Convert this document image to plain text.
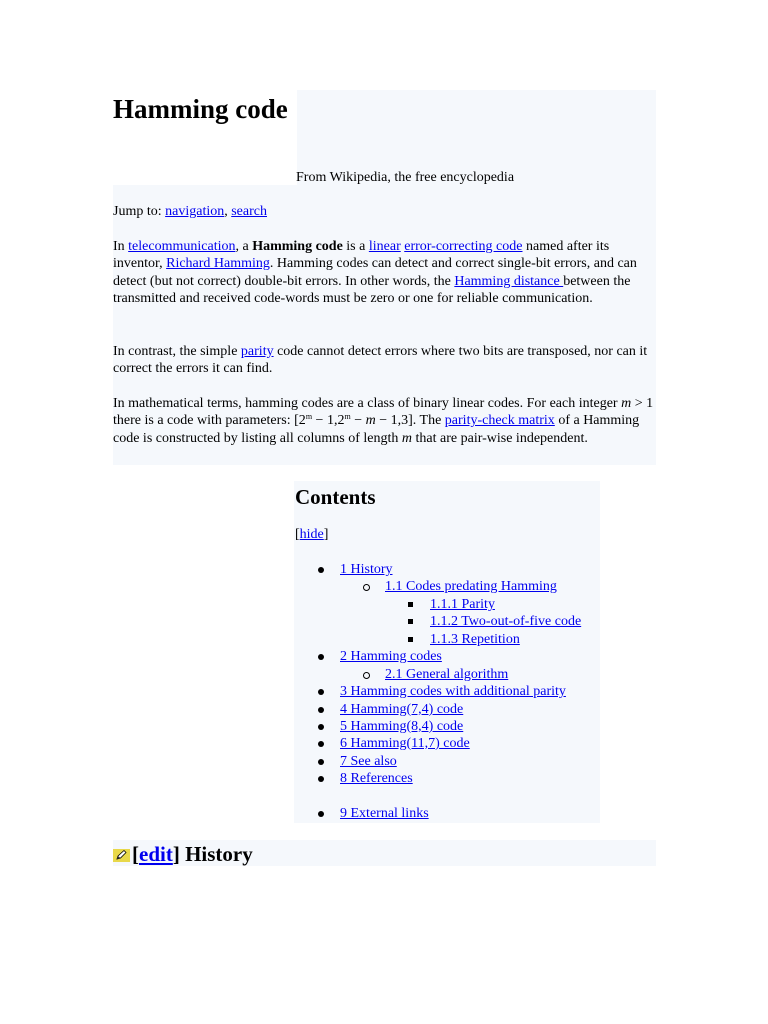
Hamming code
From Wikipedia, the free encyclopedia

Jump to: navigation, search

In telecommunication, a Hamming code is a linear error-correcting code named after its inventor, Richard Hamming. Hamming codes can detect and correct single-bit errors, and can detect (but not correct) double-bit errors. In other words, the Hamming distance between the transmitted and received code-words must be zero or one for reliable communication.

In contrast, the simple parity code cannot detect errors where two bits are transposed, nor can it correct the errors it can find.

In mathematical terms, hamming codes are a class of binary linear codes. For each integer m > 1 there is a code with parameters: $[2^m - 1,2^m - m - 1,3]$. The parity-check matrix of a Hamming code is constructed by listing all columns of length m that are pair-wise independent.

Contents
[hide]
1 History
1.1 Codes predating Hamming
1.1.1 Parity
1.1.2 Two-out-of-five code
1.1.3 Repetition
2 Hamming codes
2.1 General algorithm
3 Hamming codes with additional parity
4 Hamming(7,4) code
5 Hamming(8,4) code
6 Hamming(11,7) code
7 See also
8 References
9 External links
[edit] History
